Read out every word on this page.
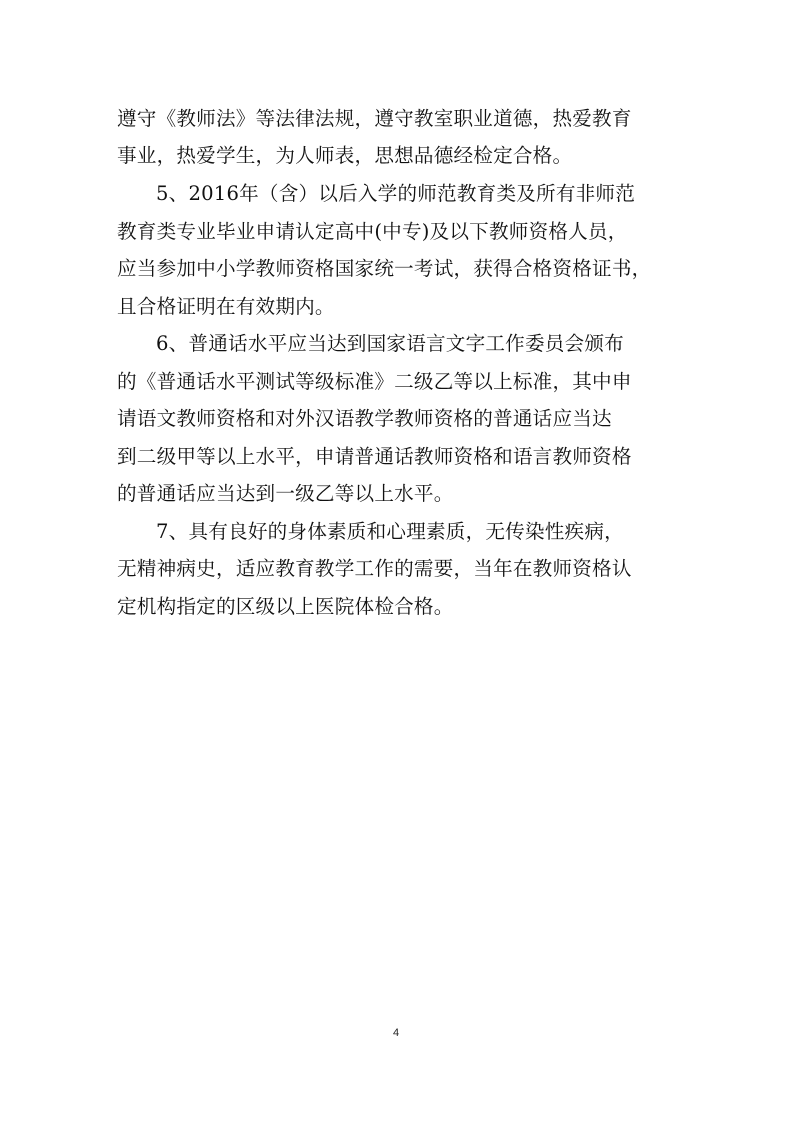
遵守《教师法》等法律法规，遵守教室职业道德，热爱教育
事业，热爱学生，为人师表，思想品德经检定合格。
5、2016年（含）以后入学的师范教育类及所有非师范
教育类专业毕业申请认定高中(中专)及以下教师资格人员，
应当参加中小学教师资格国家统一考试，获得合格资格证书，
且合格证明在有效期内。
6、普通话水平应当达到国家语言文字工作委员会颁布
的《普通话水平测试等级标准》二级乙等以上标准，其中申
请语文教师资格和对外汉语教学教师资格的普通话应当达
到二级甲等以上水平，申请普通话教师资格和语言教师资格
的普通话应当达到一级乙等以上水平。
7、具有良好的身体素质和心理素质，无传染性疾病，
无精神病史，适应教育教学工作的需要，当年在教师资格认
定机构指定的区级以上医院体检合格。
4
